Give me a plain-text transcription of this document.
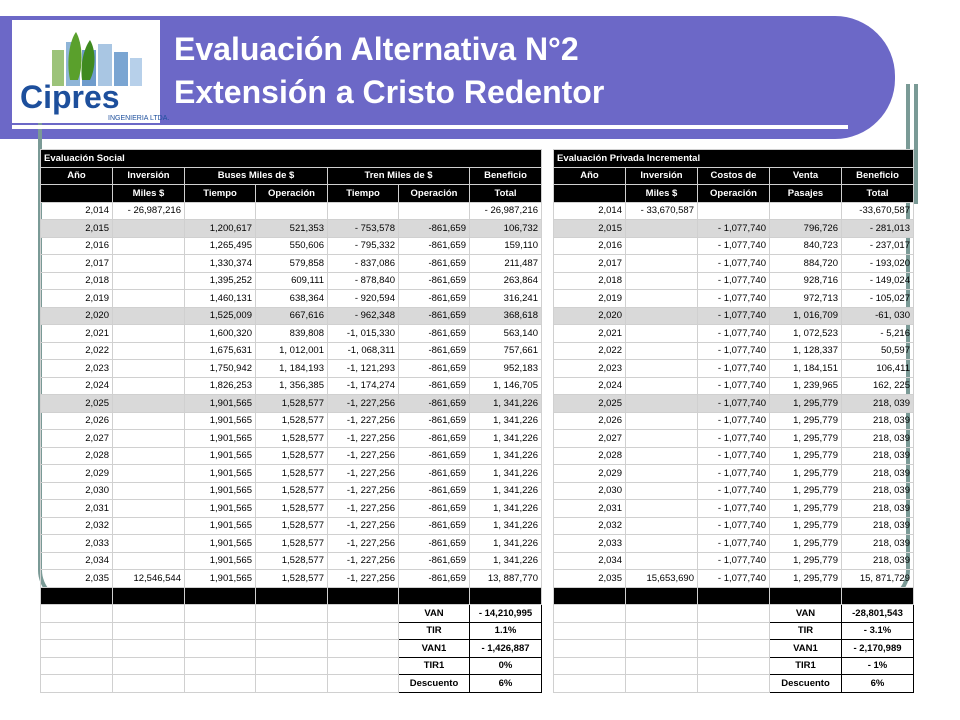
Cipres
INGENIERIA LTDA.
Evaluación Alternativa N°2
Extensión a Cristo Redentor
Evaluación Social								Evaluación Privada Incremental				
Año	Inversión	Buses Miles de $		Tren Miles de $		Beneficio		Año	Inversión	Costos de	Venta	Beneficio
	Miles $	Tiempo	Operación	Tiempo	Operación	Total			Miles $	Operación	Pasajes	Total
2,014	- 26,987,216					- 26,987,216		2,014	- 33,670,587			-33,670,587
2,015		1,200,617	521,353	- 753,578	-861,659	106,732		2,015		- 1,077,740	796,726	- 281,013
2,016		1,265,495	550,606	- 795,332	-861,659	159,110		2,016		- 1,077,740	840,723	- 237,017
2,017		1,330,374	579,858	- 837,086	-861,659	211,487		2,017		- 1,077,740	884,720	- 193,020
2,018		1,395,252	609,111	- 878,840	-861,659	263,864		2,018		- 1,077,740	928,716	- 149,024
2,019		1,460,131	638,364	- 920,594	-861,659	316,241		2,019		- 1,077,740	972,713	- 105,027
2,020		1,525,009	667,616	- 962,348	-861,659	368,618		2,020		- 1,077,740	1, 016,709	-61, 030
2,021		1,600,320	839,808	-1, 015,330	-861,659	563,140		2,021		- 1,077,740	1, 072,523	- 5,216
2,022		1,675,631	1, 012,001	-1, 068,311	-861,659	757,661		2,022		- 1,077,740	1, 128,337	50,597
2,023		1,750,942	1, 184,193	-1, 121,293	-861,659	952,183		2,023		- 1,077,740	1, 184,151	106,411
2,024		1,826,253	1, 356,385	-1, 174,274	-861,659	1, 146,705		2,024		- 1,077,740	1, 239,965	162, 225
2,025		1,901,565	1,528,577	-1, 227,256	-861,659	1, 341,226		2,025		- 1,077,740	1, 295,779	218, 039
2,026		1,901,565	1,528,577	-1, 227,256	-861,659	1, 341,226		2,026		- 1,077,740	1, 295,779	218, 039
2,027		1,901,565	1,528,577	-1, 227,256	-861,659	1, 341,226		2,027		- 1,077,740	1, 295,779	218, 039
2,028		1,901,565	1,528,577	-1, 227,256	-861,659	1, 341,226		2,028		- 1,077,740	1, 295,779	218, 039
2,029		1,901,565	1,528,577	-1, 227,256	-861,659	1, 341,226		2,029		- 1,077,740	1, 295,779	218, 039
2,030		1,901,565	1,528,577	-1, 227,256	-861,659	1, 341,226		2,030		- 1,077,740	1, 295,779	218, 039
2,031		1,901,565	1,528,577	-1, 227,256	-861,659	1, 341,226		2,031		- 1,077,740	1, 295,779	218, 039
2,032		1,901,565	1,528,577	-1, 227,256	-861,659	1, 341,226		2,032		- 1,077,740	1, 295,779	218, 039
2,033		1,901,565	1,528,577	-1, 227,256	-861,659	1, 341,226		2,033		- 1,077,740	1, 295,779	218, 039
2,034		1,901,565	1,528,577	-1, 227,256	-861,659	1, 341,226		2,034		- 1,077,740	1, 295,779	218, 039
2,035	12,546,544	1,901,565	1,528,577	-1, 227,256	-861,659	13, 887,770		2,035	15,653,690	- 1,077,740	1, 295,779	15, 871,729

					VAN	- 14,210,995					VAN	-28,801,543
					TIR	1.1%					TIR	- 3.1%
					VAN1	- 1,426,887					VAN1	- 2,170,989
					TIR1	0%					TIR1	- 1%
					Descuento	6%					Descuento	6%
